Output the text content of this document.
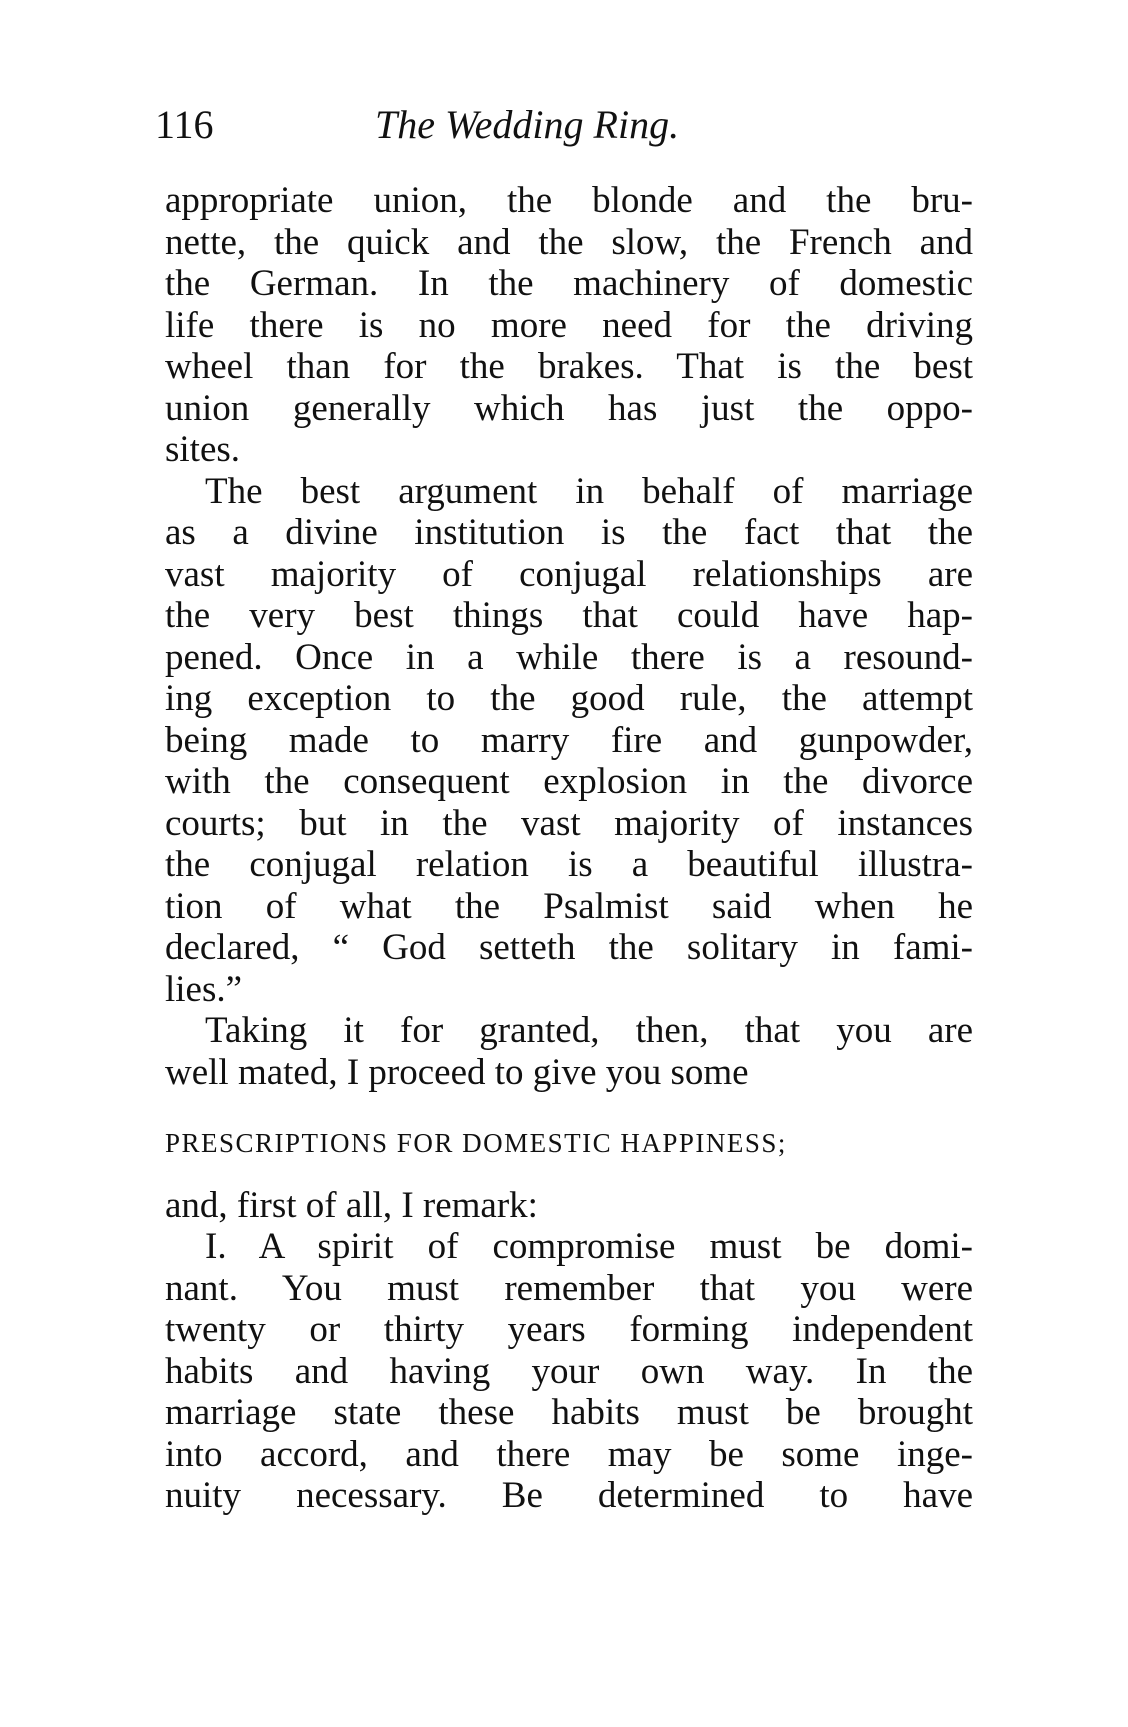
116	The Wedding Ring.
appropriate union, the blonde and the bru-
nette, the quick and the slow, the French and
the German. In the machinery of domestic
life there is no more need for the driving
wheel than for the brakes. That is the best
union generally which has just the oppo-
sites.
The best argument in behalf of marriage
as a divine institution is the fact that the
vast majority of conjugal relationships are
the very best things that could have hap-
pened. Once in a while there is a resound-
ing exception to the good rule, the attempt
being made to marry fire and gunpowder,
with the consequent explosion in the divorce
courts; but in the vast majority of instances
the conjugal relation is a beautiful illustra-
tion of what the Psalmist said when he
declared, “ God setteth the solitary in fami-
lies.”
Taking it for granted, then, that you are
well mated, I proceed to give you some
PRESCRIPTIONS FOR DOMESTIC HAPPINESS;
and, first of all, I remark:
I. A spirit of compromise must be domi-
nant. You must remember that you were
twenty or thirty years forming independent
habits and having your own way. In the
marriage state these habits must be brought
into accord, and there may be some inge-
nuity necessary. Be determined to have
